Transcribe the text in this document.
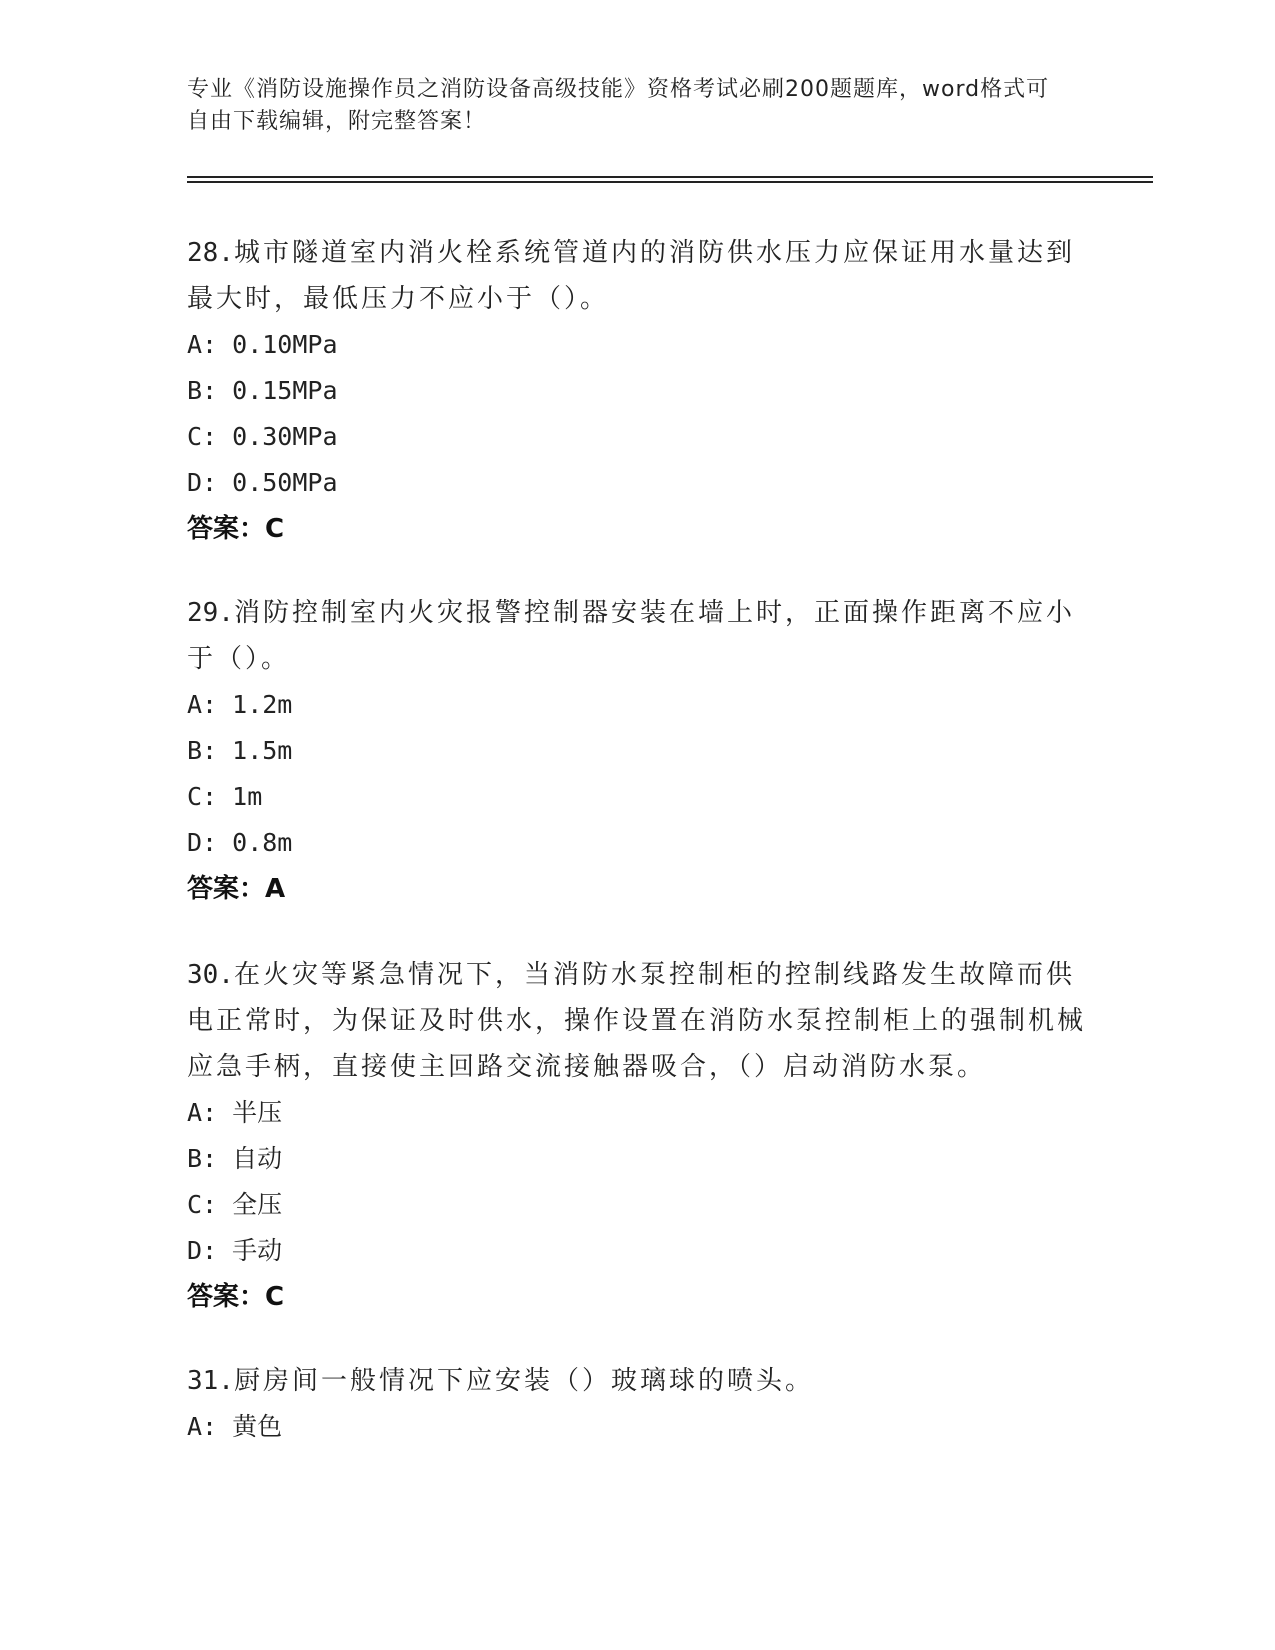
专业《消防设施操作员之消防设备高级技能》资格考试必刷200题题库，word格式可自由下载编辑，附完整答案！

28.城市隧道室内消火栓系统管道内的消防供水压力应保证用水量达到最大时，最低压力不应小于（）。

A: 0.10MPa
B: 0.15MPa
C: 0.30MPa
D: 0.50MPa
答案：C

29.消防控制室内火灾报警控制器安装在墙上时，正面操作距离不应小于（）。

A: 1.2m
B: 1.5m
C: 1m
D: 0.8m
答案：A

30.在火灾等紧急情况下，当消防水泵控制柜的控制线路发生故障而供电正常时，为保证及时供水，操作设置在消防水泵控制柜上的强制机械应急手柄，直接使主回路交流接触器吸合，（）启动消防水泵。

A: 半压
B: 自动
C: 全压
D: 手动
答案：C

31.厨房间一般情况下应安装（）玻璃球的喷头。

A: 黄色
